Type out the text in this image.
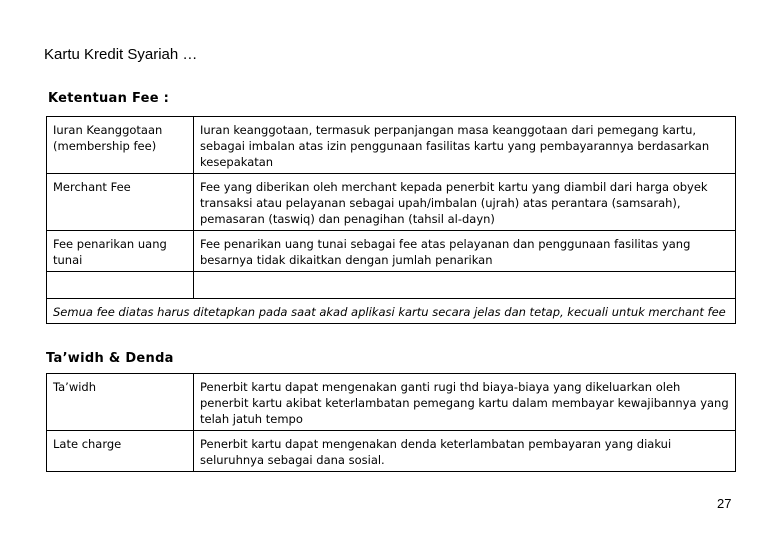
Kartu Kredit Syariah …
Ketentuan Fee :
Iuran Keanggotaan (membership fee)	Iuran keanggotaan, termasuk perpanjangan masa keanggotaan dari pemegang kartu, sebagai imbalan atas izin penggunaan fasilitas kartu yang pembayarannya berdasarkan kesepakatan
Merchant Fee	Fee yang diberikan oleh merchant kepada penerbit kartu yang diambil dari harga obyek transaksi atau pelayanan sebagai upah/imbalan (ujrah) atas perantara (samsarah), pemasaran (taswiq) dan penagihan (tahsil al-dayn)
Fee penarikan uang tunai	Fee penarikan uang tunai sebagai fee atas pelayanan dan penggunaan fasilitas yang besarnya tidak dikaitkan dengan jumlah penarikan

Semua fee diatas harus ditetapkan pada saat akad aplikasi kartu secara jelas dan tetap, kecuali untuk merchant fee	
Ta’widh & Denda
Ta’widh	Penerbit kartu dapat mengenakan ganti rugi thd biaya-biaya yang dikeluarkan oleh penerbit kartu akibat keterlambatan pemegang kartu dalam membayar kewajibannya yang telah jatuh tempo
Late charge	Penerbit kartu dapat mengenakan denda keterlambatan pembayaran yang diakui seluruhnya sebagai dana sosial.
27
